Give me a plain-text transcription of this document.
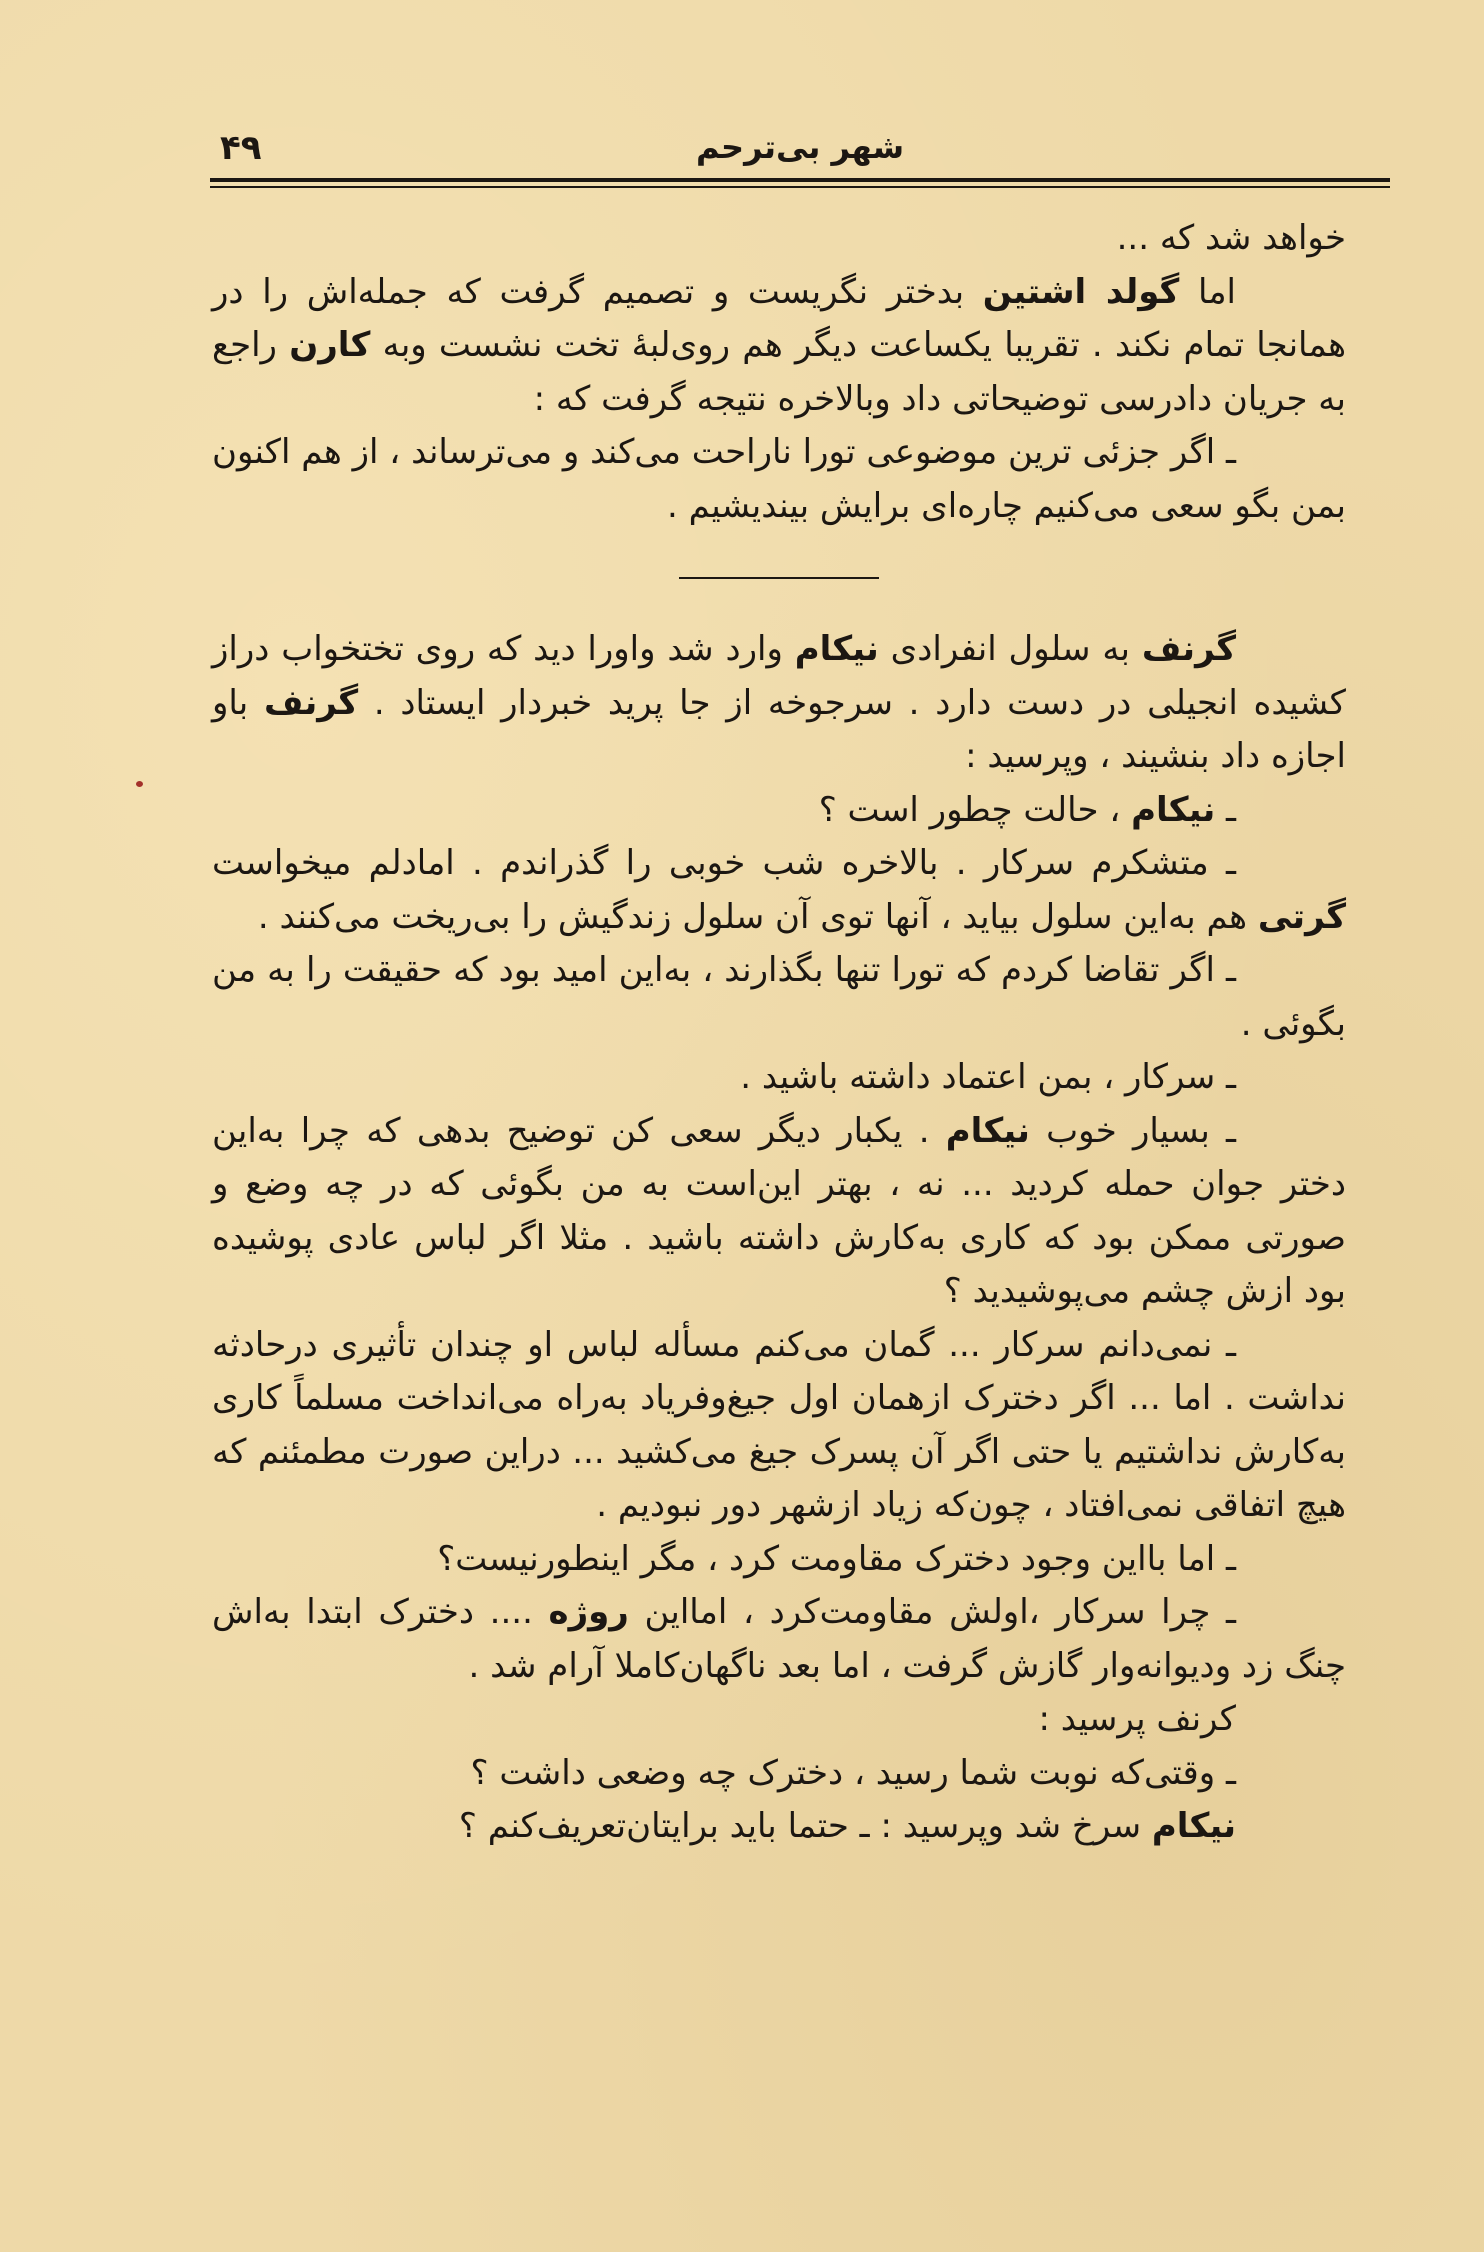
۴۹	شهر بی‌ترحم

خواهد شد که ...

اما گولد اشتین بدختر نگریست و تصمیم گرفت که جمله‌اش را در همانجا تمام نکند . تقریبا یکساعت دیگر هم روی‌لبهٔ تخت نشست وبه کارن راجع به جریان دادرسی توضیحاتی داد وبالاخره نتیجه گرفت که :

ـ اگر جزئی ترین موضوعی تورا ناراحت می‌کند و می‌ترساند ، از هم اکنون بمن بگو سعی می‌کنیم چاره‌ای برایش بیندیشیم .

گرنف به سلول انفرادی نیکام وارد شد واورا دید که روی تختخواب دراز کشیده انجیلی در دست دارد . سرجوخه از جا پرید خبردار ایستاد . گرنف باو اجازه داد بنشیند ، وپرسید :

ـ نیکام ، حالت چطور است ؟

ـ متشکرم سرکار . بالاخره شب خوبی را گذراندم . امادلم میخواست گرتی هم به‌این سلول بیاید ، آنها توی آن سلول زندگیش را بی‌ریخت می‌کنند .

ـ اگر تقاضا کردم که تورا تنها بگذارند ، به‌این امید بود که حقیقت را به من بگوئی .

ـ سرکار ، بمن اعتماد داشته باشید .

ـ بسیار خوب نیکام . یکبار دیگر سعی کن توضیح بدهی که چرا به‌این دختر جوان حمله کردید ... نه ، بهتر این‌است به من بگوئی که در چه وضع و صورتی ممکن بود که کاری به‌کارش داشته باشید . مثلا اگر لباس عادی پوشیده بود ازش چشم می‌پوشیدید ؟

ـ نمی‌دانم سرکار ... گمان می‌کنم مسأله لباس او چندان تأثیری درحادثه نداشت . اما ... اگر دخترک ازهمان اول جیغ‌وفریاد به‌راه می‌انداخت مسلماً کاری به‌کارش نداشتیم یا حتی اگر آن پسرک جیغ می‌کشید ... دراین صورت مطمئنم که هیچ اتفاقی نمی‌افتاد ، چون‌که زیاد ازشهر دور نبودیم .

ـ اما بااین وجود دخترک مقاومت کرد ، مگر اینطورنیست؟

ـ چرا سرکار ،اولش مقاومت‌کرد ، امااین روژه .... دخترک ابتدا به‌اش چنگ زد ودیوانه‌وار گازش گرفت ، اما بعد ناگهان‌کاملا آرام شد .

کرنف پرسید :

ـ وقتی‌که نوبت شما رسید ، دخترک چه وضعی داشت ؟

نیکام سرخ شد وپرسید : ـ حتما باید برایتان‌تعریف‌کنم ؟
